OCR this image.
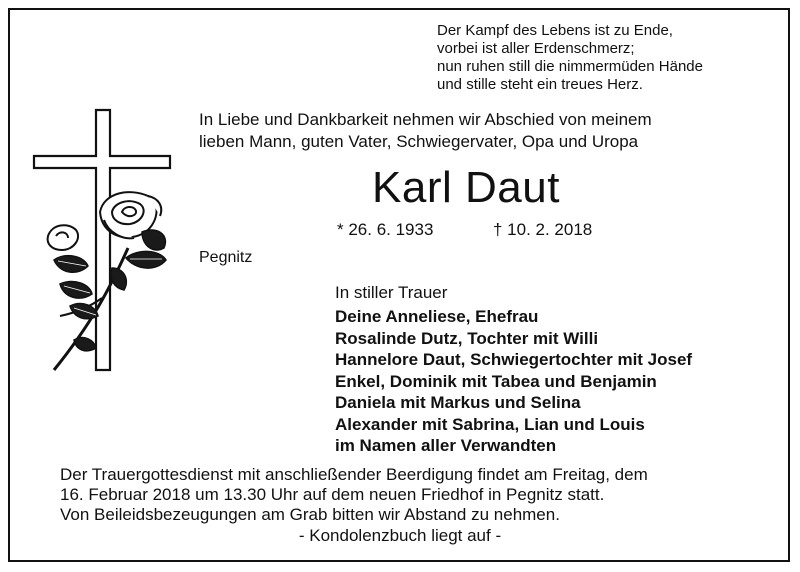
Der Kampf des Lebens ist zu Ende,
vorbei ist aller Erdenschmerz;
nun ruhen still die nimmermüden Hände
und stille steht ein treues Herz.
In Liebe und Dankbarkeit nehmen wir Abschied von meinem
lieben Mann, guten Vater, Schwiegervater, Opa und Uropa
Karl Daut
* 26. 6. 1933	† 10. 2. 2018
Pegnitz
In stiller Trauer
Deine Anneliese, Ehefrau
Rosalinde Dutz, Tochter mit Willi
Hannelore Daut, Schwiegertochter mit Josef
Enkel, Dominik mit Tabea und Benjamin
Daniela mit Markus und Selina
Alexander mit Sabrina, Lian und Louis
im Namen aller Verwandten
Der Trauergottesdienst mit anschließender Beerdigung findet am Freitag, dem
16. Februar 2018 um 13.30 Uhr auf dem neuen Friedhof in Pegnitz statt.
Von Beileidsbezeugungen am Grab bitten wir Abstand zu nehmen.
- Kondolenzbuch liegt auf -
